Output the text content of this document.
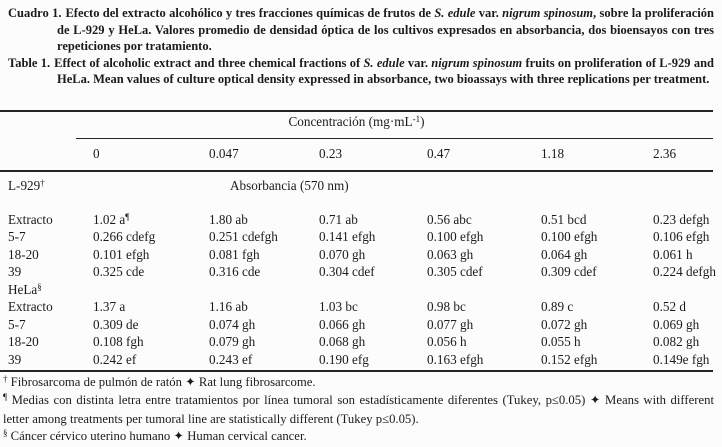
Cuadro 1. Efecto del extracto alcohólico y tres fracciones químicas de frutos de S. edule var. nigrum spinosum, sobre la proliferación de L-929 y HeLa. Valores promedio de densidad óptica de los cultivos expresados en absorbancia, dos bioensayos con tres repeticiones por tratamiento.

Table 1. Effect of alcoholic extract and three chemical fractions of S. edule var. nigrum spinosum fruits on proliferation of L-929 and HeLa. Mean values of culture optical density expressed in absorbance, two bioassays with three replications per treatment.

Concentración $(mg\cdot mL^{-1})$
0	0.047	0.23	0.47	1.18	2.36
L-929†	Absorbancia (570 nm)
Extracto	1.02 a¶	1.80 ab	0.71 ab	0.56 abc	0.51 bcd	0.23 defgh
5-7	0.266 cdefg	0.251 cdefgh	0.141 efgh	0.100 efgh	0.100 efgh	0.106 efgh
18-20	0.101 efgh	0.081 fgh	0.070 gh	0.063 gh	0.064 gh	0.061 h
39	0.325 cde	0.316 cde	0.304 cdef	0.305 cdef	0.309 cdef	0.224 defgh
HeLa§
Extracto	1.37 a	1.16 ab	1.03 bc	0.98 bc	0.89 c	0.52 d
5-7	0.309 de	0.074 gh	0.066 gh	0.077 gh	0.072 gh	0.069 gh
18-20	0.108 fgh	0.079 gh	0.068 gh	0.056 h	0.055 h	0.082 gh
39	0.242 ef	0.243 ef	0.190 efg	0.163 efgh	0.152 efgh	0.149e fgh

† Fibrosarcoma de pulmón de ratón ✦ Rat lung fibrosarcome.

¶ Medias con distinta letra entre tratamientos por línea tumoral son estadísticamente diferentes (Tukey, p≤0.05) ✦ Means with different letter among treatments per tumoral line are statistically different (Tukey p≤0.05).

§ Cáncer cérvico uterino humano ✦ Human cervical cancer.
